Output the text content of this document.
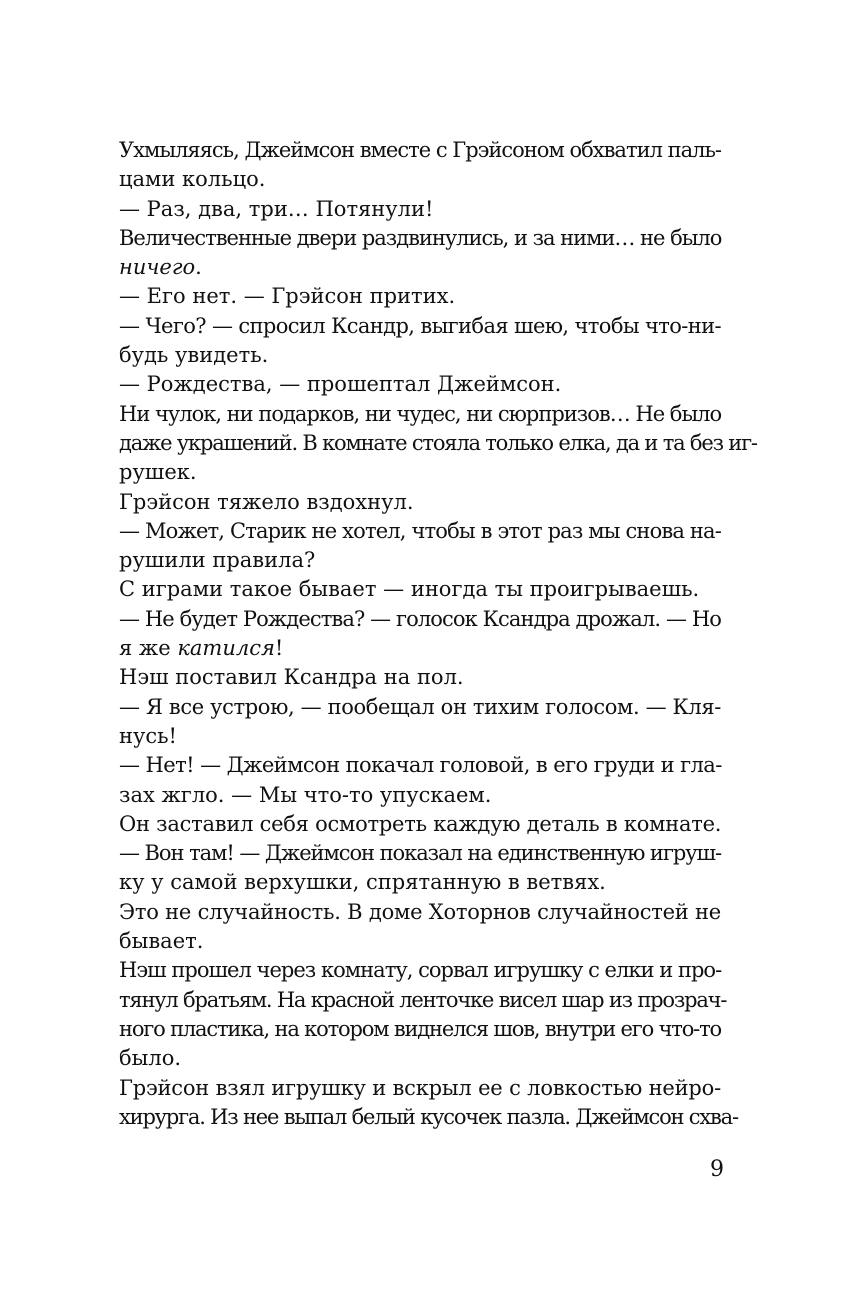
Ухмыляясь, Джеймсон вместе с Грэйсоном обхватил паль-
цами кольцо.

— Раз, два, три… Потянули!

Величественные двери раздвинулись, и за ними… не было
ничего.

— Его нет. — Грэйсон притих.

— Чего? — спросил Ксандр, выгибая шею, чтобы что-ни-
будь увидеть.

— Рождества, — прошептал Джеймсон.

Ни чулок, ни подарков, ни чудес, ни сюрпризов… Не было
даже украшений. В комнате стояла только елка, да и та без иг-
рушек.

Грэйсон тяжело вздохнул.

— Может, Старик не хотел, чтобы в этот раз мы снова на-
рушили правила?

С играми такое бывает — иногда ты проигрываешь.

— Не будет Рождества? — голосок Ксандра дрожал. — Но
я же катился!

Нэш поставил Ксандра на пол.

— Я все устрою, — пообещал он тихим голосом. — Кля-
нусь!

— Нет! — Джеймсон покачал головой, в его груди и гла-
зах жгло. — Мы что-то упускаем.

Он заставил себя осмотреть каждую деталь в комнате.

— Вон там! — Джеймсон показал на единственную игруш-
ку у самой верхушки, спрятанную в ветвях.

Это не случайность. В доме Хоторнов случайностей не
бывает.

Нэш прошел через комнату, сорвал игрушку с елки и про-
тянул братьям. На красной ленточке висел шар из прозрач-
ного пластика, на котором виднелся шов, внутри его что-то
было.

Грэйсон взял игрушку и вскрыл ее с ловкостью нейро-
хирурга. Из нее выпал белый кусочек пазла. Джеймсон схва-

9
